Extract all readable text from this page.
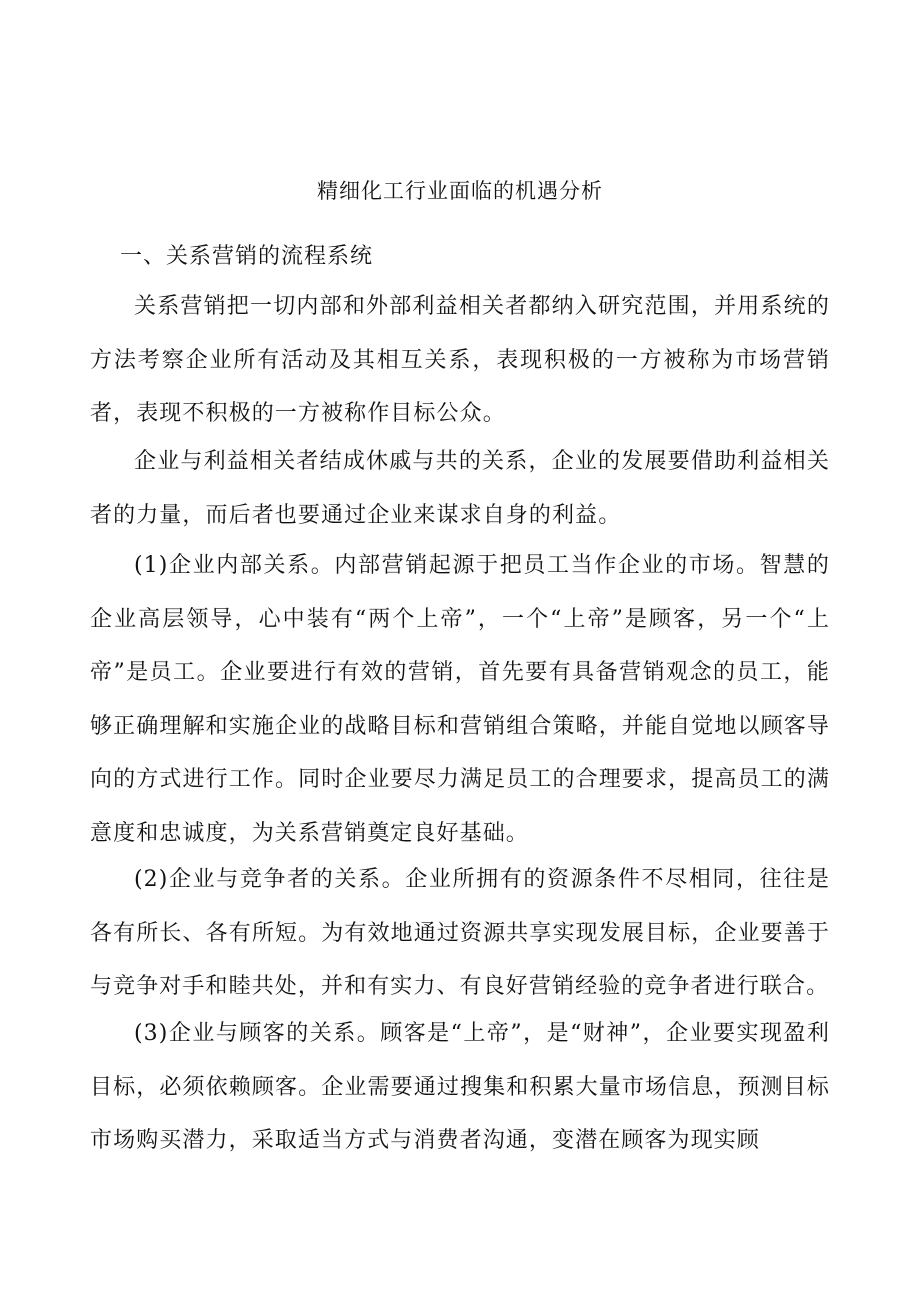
精细化工行业面临的机遇分析
一、关系营销的流程系统

关系营销把一切内部和外部利益相关者都纳入研究范围，并用系统的方法考察企业所有活动及其相互关系，表现积极的一方被称为市场营销者，表现不积极的一方被称作目标公众。

企业与利益相关者结成休戚与共的关系，企业的发展要借助利益相关者的力量，而后者也要通过企业来谋求自身的利益。

(1)企业内部关系。内部营销起源于把员工当作企业的市场。智慧的企业高层领导，心中装有“两个上帝”，一个“上帝”是顾客，另一个“上帝”是员工。企业要进行有效的营销，首先要有具备营销观念的员工，能够正确理解和实施企业的战略目标和营销组合策略，并能自觉地以顾客导向的方式进行工作。同时企业要尽力满足员工的合理要求，提高员工的满意度和忠诚度，为关系营销奠定良好基础。

(2)企业与竞争者的关系。企业所拥有的资源条件不尽相同，往往是各有所长、各有所短。为有效地通过资源共享实现发展目标，企业要善于与竞争对手和睦共处，并和有实力、有良好营销经验的竞争者进行联合。

(3)企业与顾客的关系。顾客是“上帝”，是“财神”，企业要实现盈利目标，必须依赖顾客。企业需要通过搜集和积累大量市场信息，预测目标市场购买潜力，采取适当方式与消费者沟通，变潜在顾客为现实顾
